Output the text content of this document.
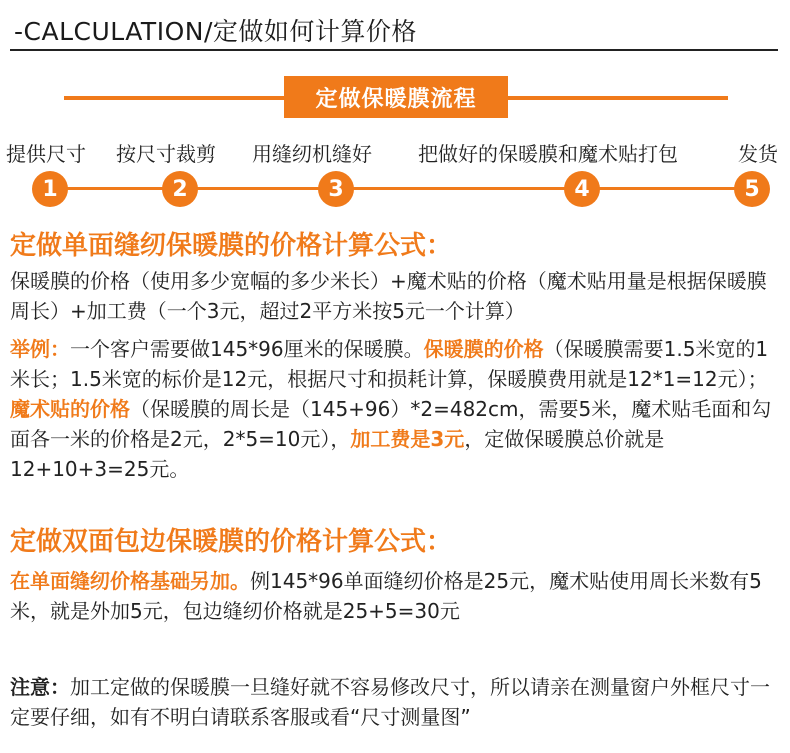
-CALCULATION/定做如何计算价格
定做保暖膜流程
提供尺寸 按尺寸裁剪 用缝纫机缝好 把做好的保暖膜和魔术贴打包	发货
1	2	3	4	5
定做单面缝纫保暖膜的价格计算公式：
保暖膜的价格（使用多少宽幅的多少米长）+魔术贴的价格（魔术贴用量是根据保暖膜周长）+加工费（一个3元，超过2平方米按5元一个计算）
举例：一个客户需要做145*96厘米的保暖膜。保暖膜的价格（保暖膜需要1.5米宽的1米长；1.5米宽的标价是12元，根据尺寸和损耗计算，保暖膜费用就是12*1=12元）；魔术贴的价格（保暖膜的周长是（145+96）*2=482cm，需要5米，魔术贴毛面和勾面各一米的价格是2元，2*5=10元），加工费是3元，定做保暖膜总价就是12+10+3=25元。
定做双面包边保暖膜的价格计算公式：
在单面缝纫价格基础另加。例145*96单面缝纫价格是25元，魔术贴使用周长米数有5米，就是外加5元，包边缝纫价格就是25+5=30元
注意：加工定做的保暖膜一旦缝好就不容易修改尺寸，所以请亲在测量窗户外框尺寸一定要仔细，如有不明白请联系客服或看“尺寸测量图”
